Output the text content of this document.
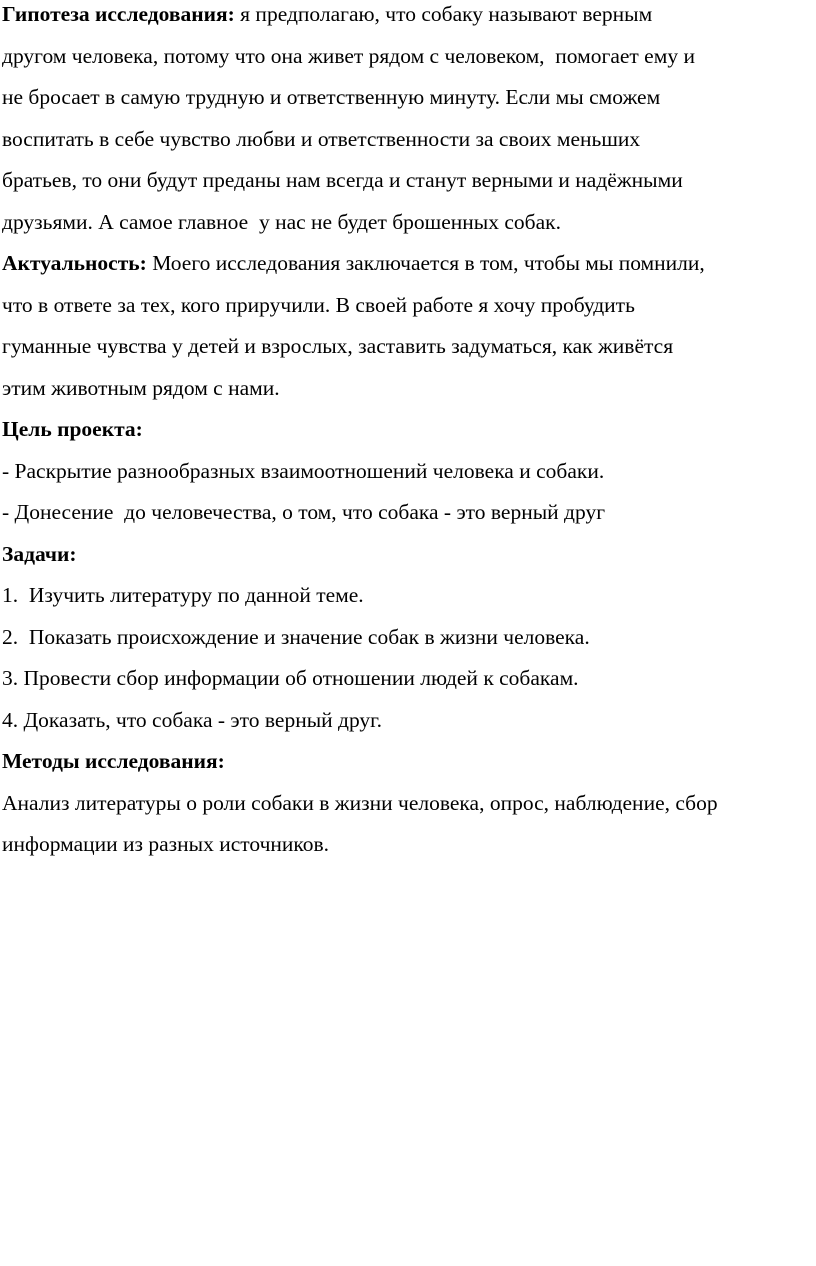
Гипотеза исследования: я предполагаю, что собаку называют верным
другом человека, потому что она живет рядом с человеком,  помогает ему и
не бросает в самую трудную и ответственную минуту. Если мы сможем
воспитать в себе чувство любви и ответственности за своих меньших
братьев, то они будут преданы нам всегда и станут верными и надёжными
друзьями. А самое главное  у нас не будет брошенных собак.
Актуальность: Моего исследования заключается в том, чтобы мы помнили,
что в ответе за тех, кого приручили. В своей работе я хочу пробудить
гуманные чувства у детей и взрослых, заставить задуматься, как живётся
этим животным рядом с нами.
Цель проекта:
- Раскрытие разнообразных взаимоотношений человека и собаки.
- Донесение  до человечества, о том, что собака - это верный друг
Задачи:
1.  Изучить литературу по данной теме.
2.  Показать происхождение и значение собак в жизни человека.
3. Провести сбор информации об отношении людей к собакам.
4. Доказать, что собака - это верный друг.
Методы исследования:
Анализ литературы о роли собаки в жизни человека, опрос, наблюдение, сбор
информации из разных источников.
